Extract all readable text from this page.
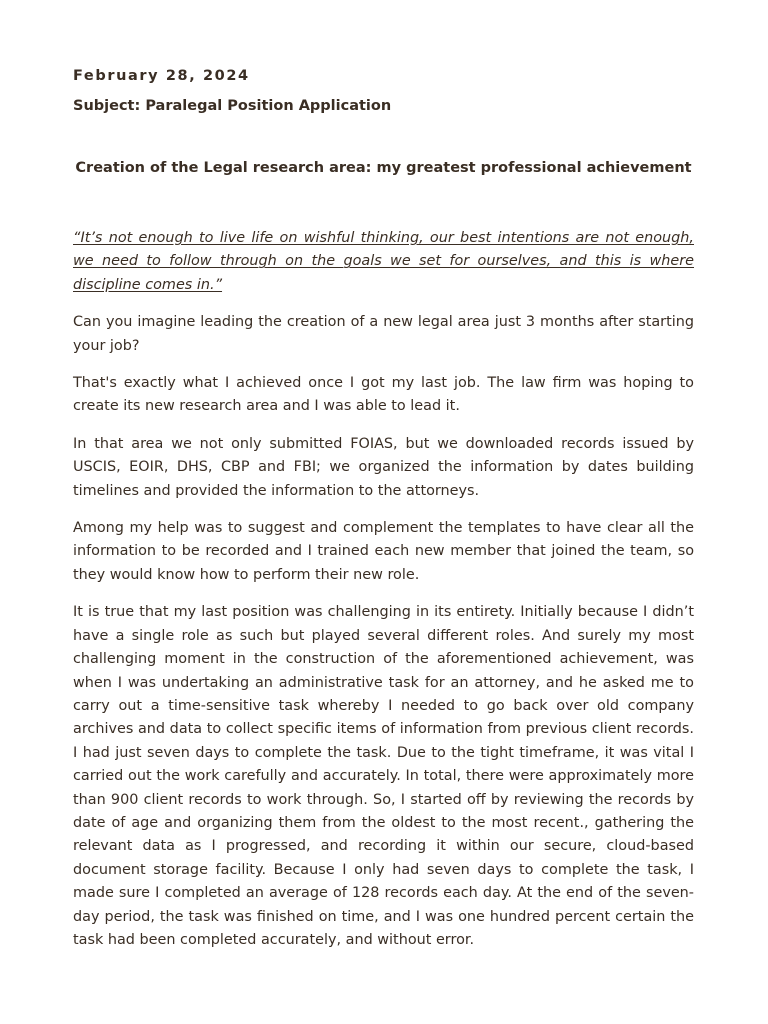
February 28, 2024
Subject: Paralegal Position Application
Creation of the Legal research area: my greatest professional achievement

“It’s not enough to live life on wishful thinking, our best intentions are not enough, we need to follow through on the goals we set for ourselves, and this is where discipline comes in.”

Can you imagine leading the creation of a new legal area just 3 months after starting your job?

That's exactly what I achieved once I got my last job. The law firm was hoping to create its new research area and I was able to lead it.

In that area we not only submitted FOIAS, but we downloaded records issued by USCIS, EOIR, DHS, CBP and FBI; we organized the information by dates building timelines and provided the information to the attorneys.

Among my help was to suggest and complement the templates to have clear all the information to be recorded and I trained each new member that joined the team, so they would know how to perform their new role.

It is true that my last position was challenging in its entirety. Initially because I didn’t have a single role as such but played several different roles. And surely my most challenging moment in the construction of the aforementioned achievement, was when I was undertaking an administrative task for an attorney, and he asked me to carry out a time-sensitive task whereby I needed to go back over old company archives and data to collect specific items of information from previous client records. I had just seven days to complete the task. Due to the tight timeframe, it was vital I carried out the work carefully and accurately. In total, there were approximately more than 900 client records to work through. So, I started off by reviewing the records by date of age and organizing them from the oldest to the most recent., gathering the relevant data as I progressed, and recording it within our secure, cloud-based document storage facility. Because I only had seven days to complete the task, I made sure I completed an average of 128 records each day. At the end of the seven-day period, the task was finished on time, and I was one hundred percent certain the task had been completed accurately, and without error.
